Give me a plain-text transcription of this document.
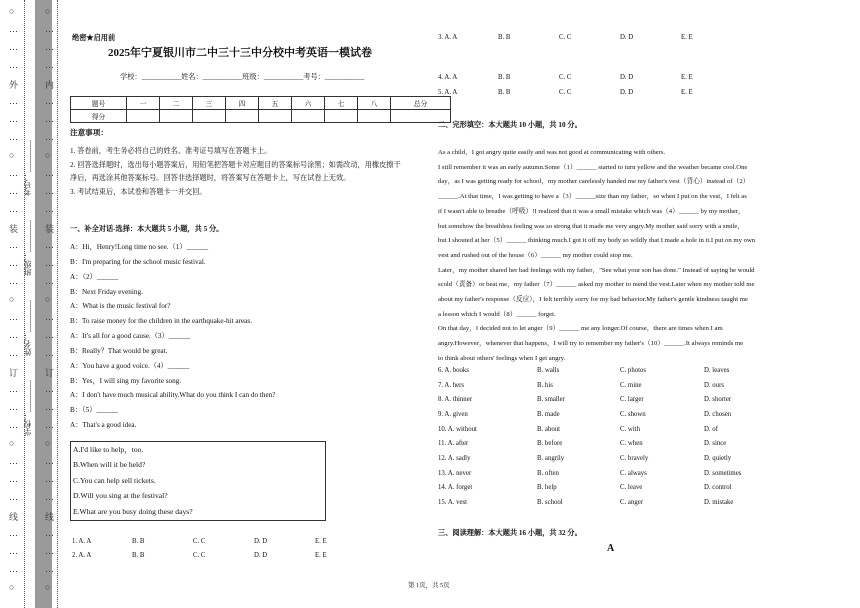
○
…
…
…
外
…
…
…
○
…
…
…
装
…
…
…
○
…
…
…
订
…
…
…
○
…
…
…
线
…
…
…
○
○
…
…
…
内
…
…
…
○
…
…
…
装
…
…
…
○
…
…
…
订
…
…
…
○
…
…
…
线
…
…
…
○
学校：________
姓名：________
班级：________
考号：________
绝密★启用前
2025年宁夏银川市二中三十三中分校中考英语一模试卷
学校：___________姓名：___________班级：___________考号：___________
题号	一	二	三	四	五	六	七	八	总分
得分									
注意事项：
1. 答卷前，考生务必将自己的姓名、准考证号填写在答题卡上。
2. 回答选择题时，选出每小题答案后，用铅笔把答题卡对应题目的答案标号涂黑；如需改动，用橡皮擦干
净后，再选涂其他答案标号。回答非选择题时，将答案写在答题卡上，写在试卷上无效。
3. 考试结束后，本试卷和答题卡一并交回。
一、补全对话-选择：本大题共 5 小题，共 5 分。
A：Hi，Henry!Long time no see.（1）______
B：I'm preparing for the school music festival.
A：（2）______
B：Next Friday evening.
A：What is the music festival for?
B：To raise money for the children in the earthquake-hit areas.
A：It's all for a good cause.（3）______
B：Really？That would be great.
A：You have a good voice.（4）______
B：Yes，I will sing my favorite song.
A：I don't have much musical ability.What do you think I can do then?
B：（5）______
A：That's a good idea.
A.I'd like to help，too.
B.When will it be held?
C.You can help sell tickets.
D.Will you sing at the festival?
E.What are you busy doing these days?
1. A. A	B. B	C. C	D. D	E. E
2. A. A	B. B	C. C	D. D	E. E
3. A. A	B. B	C. C	D. D	E. E
4. A. A	B. B	C. C	D. D	E. E
5. A. A	B. B	C. C	D. D	E. E
二、完形填空：本大题共 10 小题，共 10 分。
As a child，I got angry quite easily and was not good at communicating with others.
I still remember it was an early autumn.Some（1）______ started to turn yellow and the weather became cool.One
day，as I was getting ready for school，my mother carelessly handed me my father's vest（背心）instead of（2）
______.At that time，I was getting to have a（3）______size than my father，so when I put on the vest，I felt as
if I wasn't able to breathe（呼吸）!I realized that it was a small mistake which was（4）______ by my mother，
but somehow the breathless feeling was so strong that it made me very angry.My mother said sorry with a smile，
but I shouted at her（5）______ thinking much.I got it off my body so wildly that I made a hole in it.I put on my own
vest and rushed out of the house（6）______ my mother could stop me.
Later，my mother shared her bad feelings with my father，"See what your son has done." Instead of saying he would
scold（责备）or beat me，my father（7）______ asked my mother to mend the vest.Later when my mother told me
about my father's response（反应），I felt terribly sorry for my bad behavior.My father's gentle kindness taught me
a lesson which I would（8）______ forget.
On that day，I decided not to let anger（9）______ me any longer.Of course，there are times when I am
angry.However，whenever that happens，I will try to remember my father's（10）______.It always reminds me
to think about others' feelings when I get angry.
6. A. books	B. walls	C. photos	D. leaves
7. A. hers	B. his	C. mine	D. ours
8. A. thinner	B. smaller	C. larger	D. shorter
9. A. given	B. made	C. shown	D. chosen
10. A. without	B. about	C. with	D. of
11. A. after	B. before	C. when	D. since
12. A. sadly	B. angrily	C. bravely	D. quietly
13. A. never	B. often	C. always	D. sometimes
14. A. forget	B. help	C. leave	D. control
15. A. vest	B. school	C. anger	D. mistake
三、阅读理解：本大题共 16 小题，共 32 分。
A
第 1页，共 5页
